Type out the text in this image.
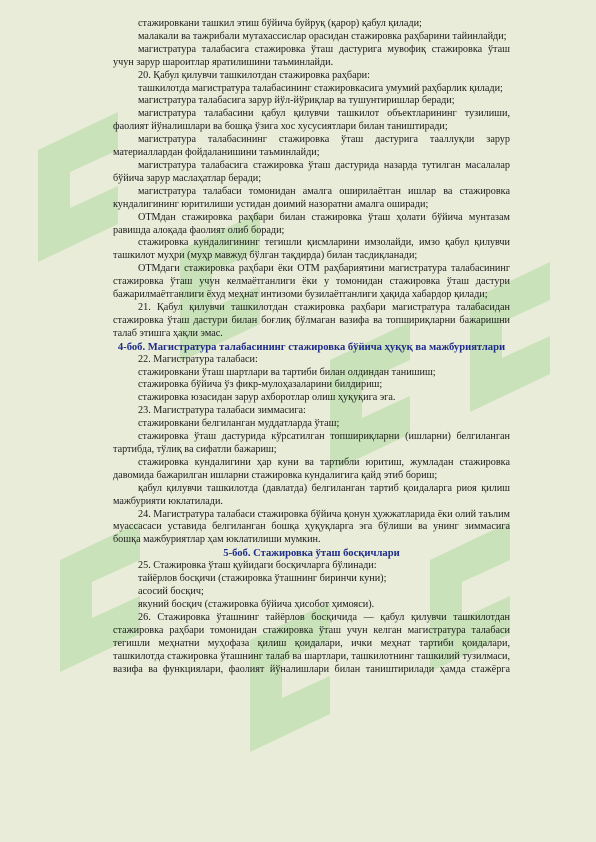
стажировкани ташкил этиш бўйича буйруқ (қарор) қабул қилади;

малакали ва тажрибали мутахассислар орасидан стажировка раҳбарини тайинлайди;

магистратура талабасига стажировка ўташ дастурига мувофиқ стажировка ўташ учун зарур шароитлар яратилишини таъминлайди.

20. Қабул қилувчи ташкилотдан стажировка раҳбари:

ташкилотда магистратура талабасининг стажировкасига умумий раҳбарлик қилади;

магистратура талабасига зарур йўл-йўриқлар ва тушунтиришлар беради;

магистратура талабасини қабул қилувчи ташкилот объектларининг тузилиши, фаолият йўналишлари ва бошқа ўзига хос хусусиятлари билан таништиради;

магистратура талабасининг стажировка ўташ дастурига тааллуқли зарур материаллардан фойдаланишини таъминлайди;

магистратура талабасига стажировка ўташ дастурида назарда тутилган масалалар бўйича зарур маслаҳатлар беради;

магистратура талабаси томонидан амалга оширилаётган ишлар ва стажировка кундалигининг юритилиши устидан доимий назоратни амалга оширади;

ОТМдан стажировка раҳбари билан стажировка ўташ ҳолати бўйича мунтазам равишда алоқада фаолият олиб боради;

стажировка кундалигининг тегишли қисмларини имзолайди, имзо қабул қилувчи ташкилот муҳри (муҳр мавжуд бўлган тақдирда) билан тасдиқланади;

ОТМдаги стажировка раҳбари ёки ОТМ раҳбариятини магистратура талабасининг стажировка ўташ учун келмаётганлиги ёки у томонидан стажировка ўташ дастури бажарилмаётганлиги ёхуд меҳнат интизоми бузилаётганлиги ҳақида хабардор қилади;

21. Қабул қилувчи ташкилотдан стажировка раҳбари магистратура талабасидан стажировка ўташ дастури билан боғлиқ бўлмаган вазифа ва топшириқларни бажаришни талаб этишга ҳақли эмас.

4-боб. Магистратура талабасининг стажировка бўйича ҳуқуқ ва мажбуриятлари

22. Магистратура талабаси:

стажировкани ўташ шартлари ва тартиби билан олдиндан танишиш;

стажировка бўйича ўз фикр-мулоҳазаларини билдириш;

стажировка юзасидан зарур ахборотлар олиш ҳуқуқига эга.

23. Магистратура талабаси зиммасига:

стажировкани белгиланган муддатларда ўташ;

стажировка ўташ дастурида кўрсатилган топшириқларни (ишларни) белгиланган тартибда, тўлиқ ва сифатли бажариш;

стажировка кундалигини ҳар куни ва тартибли юритиш, жумладан стажировка давомида бажарилган ишларни стажировка кундалигига қайд этиб бориш;

қабул қилувчи ташкилотда (давлатда) белгиланган тартиб қоидаларга риоя қилиш мажбурияти юклатилади.

24. Магистратура талабаси стажировка бўйича қонун ҳужжатларида ёки олий таълим муассасаси уставида белгиланган бошқа ҳуқуқларга эга бўлиши ва унинг зиммасига бошқа мажбуриятлар ҳам юклатилиши мумкин.

5-боб. Стажировка ўташ босқичлари

25. Стажировка ўташ қуйидаги босқичларга бўлинади:

тайёрлов босқичи (стажировка ўташнинг биринчи куни);

асосий босқич;

якуний босқич (стажировка бўйича ҳисобот ҳимояси).

26. Стажировка ўташнинг тайёрлов босқичида — қабул қилувчи ташкилотдан стажировка раҳбари томонидан стажировка ўташ учун келган магистратура талабаси тегишли меҳнатни муҳофаза қилиш қоидалари, ички меҳнат тартиби қоидалари, ташкилотда стажировка ўташнинг талаб ва шартлари, ташкилотнинг ташкилий тузилмаси, вазифа ва функциялари, фаолият йўналишлари билан таништирилади ҳамда стажёрга
